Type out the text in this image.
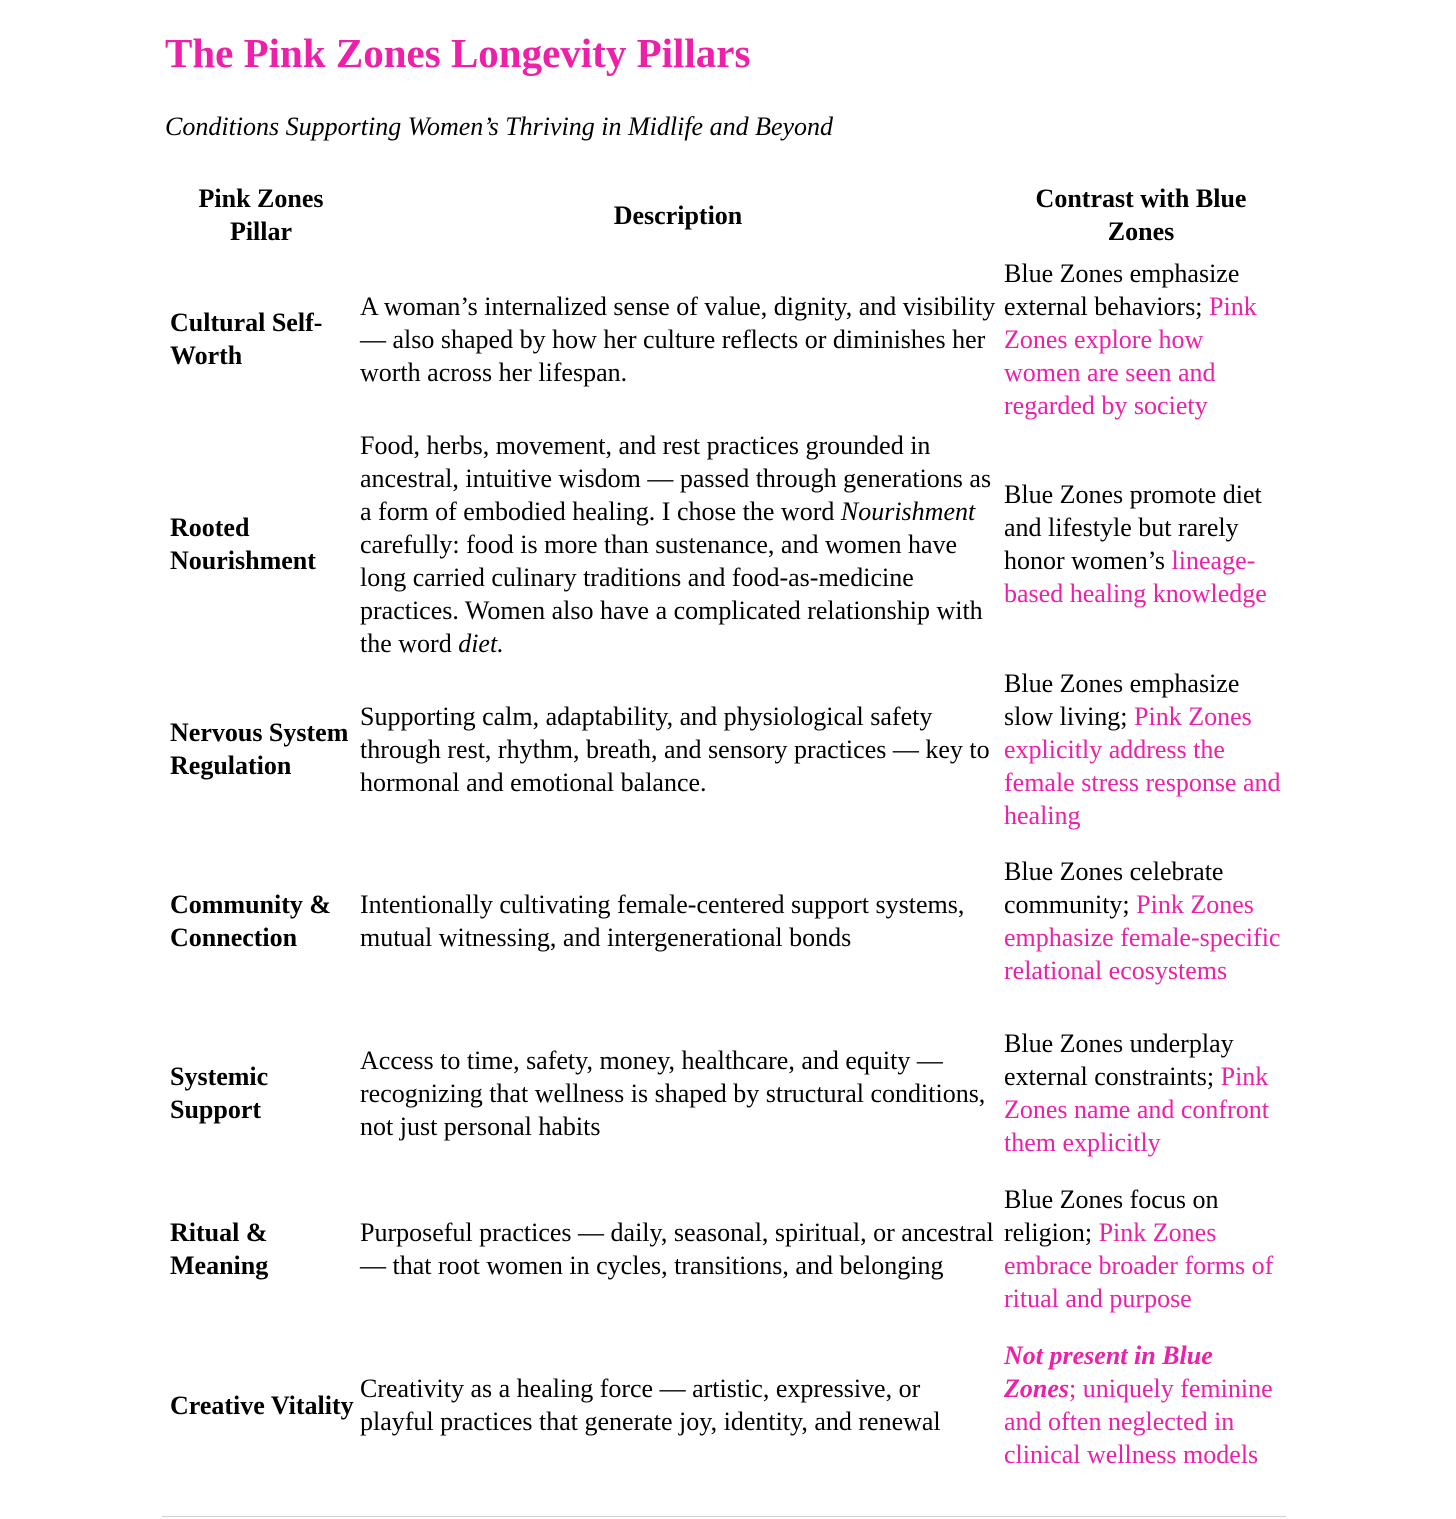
The Pink Zones Longevity Pillars
Conditions Supporting Women’s Thriving in Midlife and Beyond
Pink Zones Pillar
Description
Contrast with Blue Zones
Cultural Self-Worth
A woman’s internalized sense of value, dignity, and visibility — also shaped by how her culture reflects or diminishes her worth across her lifespan.
Blue Zones emphasize external behaviors; Pink Zones explore how women are seen and regarded by society
Rooted Nourishment
Food, herbs, movement, and rest practices grounded in ancestral, intuitive wisdom — passed through generations as a form of embodied healing. I chose the word Nourishment carefully: food is more than sustenance, and women have long carried culinary traditions and food-as-medicine practices. Women also have a complicated relationship with the word diet.
Blue Zones promote diet and lifestyle but rarely honor women’s lineage-based healing knowledge
Nervous System Regulation
Supporting calm, adaptability, and physiological safety through rest, rhythm, breath, and sensory practices — key to hormonal and emotional balance.
Blue Zones emphasize slow living; Pink Zones explicitly address the female stress response and healing
Community & Connection
Intentionally cultivating female-centered support systems, mutual witnessing, and intergenerational bonds
Blue Zones celebrate community; Pink Zones emphasize female-specific relational ecosystems
Systemic Support
Access to time, safety, money, healthcare, and equity — recognizing that wellness is shaped by structural conditions, not just personal habits
Blue Zones underplay external constraints; Pink Zones name and confront them explicitly
Ritual & Meaning
Purposeful practices — daily, seasonal, spiritual, or ancestral — that root women in cycles, transitions, and belonging
Blue Zones focus on religion; Pink Zones embrace broader forms of ritual and purpose
Creative Vitality
Creativity as a healing force — artistic, expressive, or playful practices that generate joy, identity, and renewal
Not present in Blue Zones; uniquely feminine and often neglected in clinical wellness models
